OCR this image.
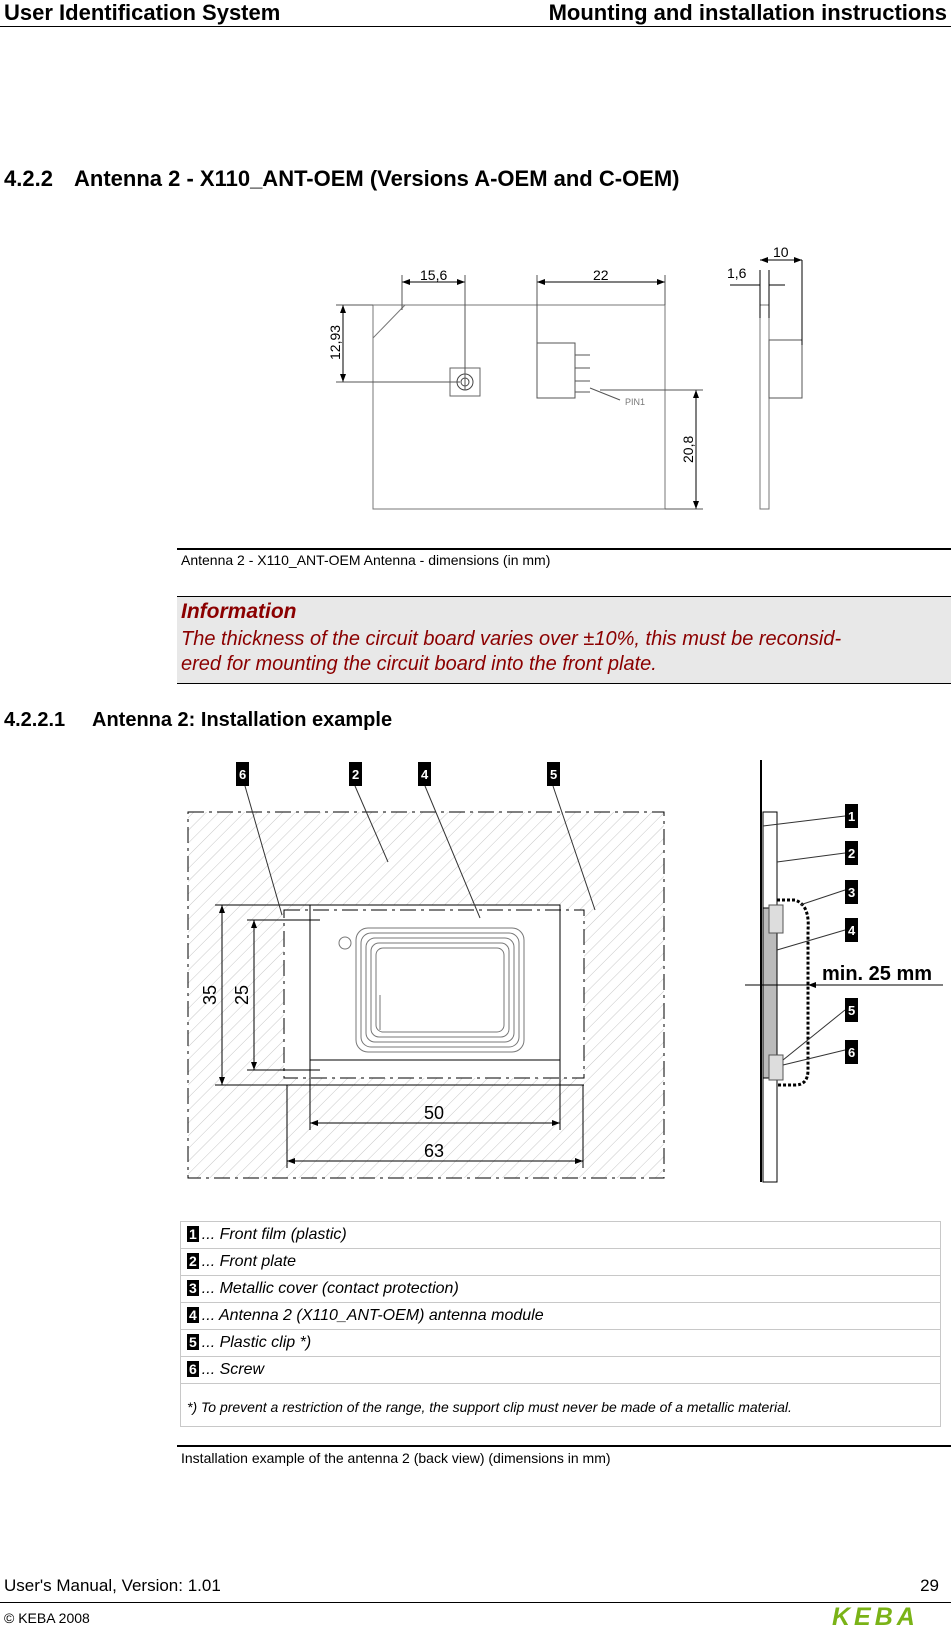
User Identification System	Mounting and installation instructions
4.2.2 Antenna 2 - X110_ANT-OEM (Versions A-OEM and C-OEM)
15,6	22
12,93
20,8
1,6
10
PIN1
Antenna 2 - X110_ANT-OEM Antenna - dimensions (in mm)
Information
The thickness of the circuit board varies over ±10%, this must be reconsid-
ered for mounting the circuit board into the front plate.
4.2.2.1 Antenna 2: Installation example
35 25
50
63
6	2	4	5
1
2
3
4
5
6
min. 25 mm
1 ... Front film (plastic)
2 ... Front plate
3 ... Metallic cover (contact protection)
4 ... Antenna 2 (X110_ANT-OEM) antenna module
5 ... Plastic clip *)
6 ... Screw
*) To prevent a restriction of the range, the support clip must never be made of a metallic material.
Installation example of the antenna 2 (back view) (dimensions in mm)
User's Manual, Version: 1.01	29
© KEBA 2008	KEBA
